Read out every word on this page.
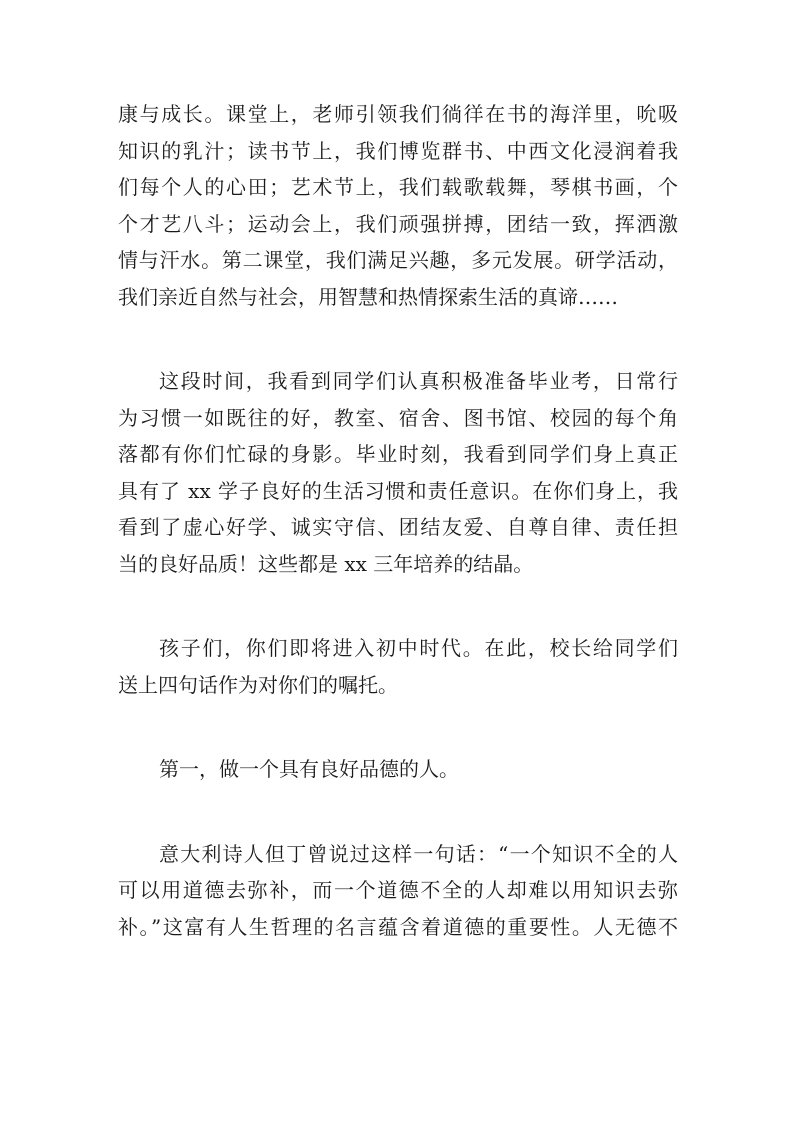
康与成长。课堂上，老师引领我们徜徉在书的海洋里，吮吸
知识的乳汁；读书节上，我们博览群书、中西文化浸润着我
们每个人的心田；艺术节上，我们载歌载舞，琴棋书画，个
个才艺八斗；运动会上，我们顽强拼搏，团结一致，挥洒激
情与汗水。第二课堂，我们满足兴趣，多元发展。研学活动，
我们亲近自然与社会，用智慧和热情探索生活的真谛……
这段时间，我看到同学们认真积极准备毕业考，日常行
为习惯一如既往的好，教室、宿舍、图书馆、校园的每个角
落都有你们忙碌的身影。毕业时刻，我看到同学们身上真正
具有了 xx 学子良好的生活习惯和责任意识。在你们身上，我
看到了虚心好学、诚实守信、团结友爱、自尊自律、责任担
当的良好品质！这些都是 xx 三年培养的结晶。
孩子们，你们即将进入初中时代。在此，校长给同学们
送上四句话作为对你们的嘱托。
第一，做一个具有良好品德的人。
意大利诗人但丁曾说过这样一句话：“一个知识不全的人
可以用道德去弥补，而一个道德不全的人却难以用知识去弥
补。”这富有人生哲理的名言蕴含着道德的重要性。人无德不
